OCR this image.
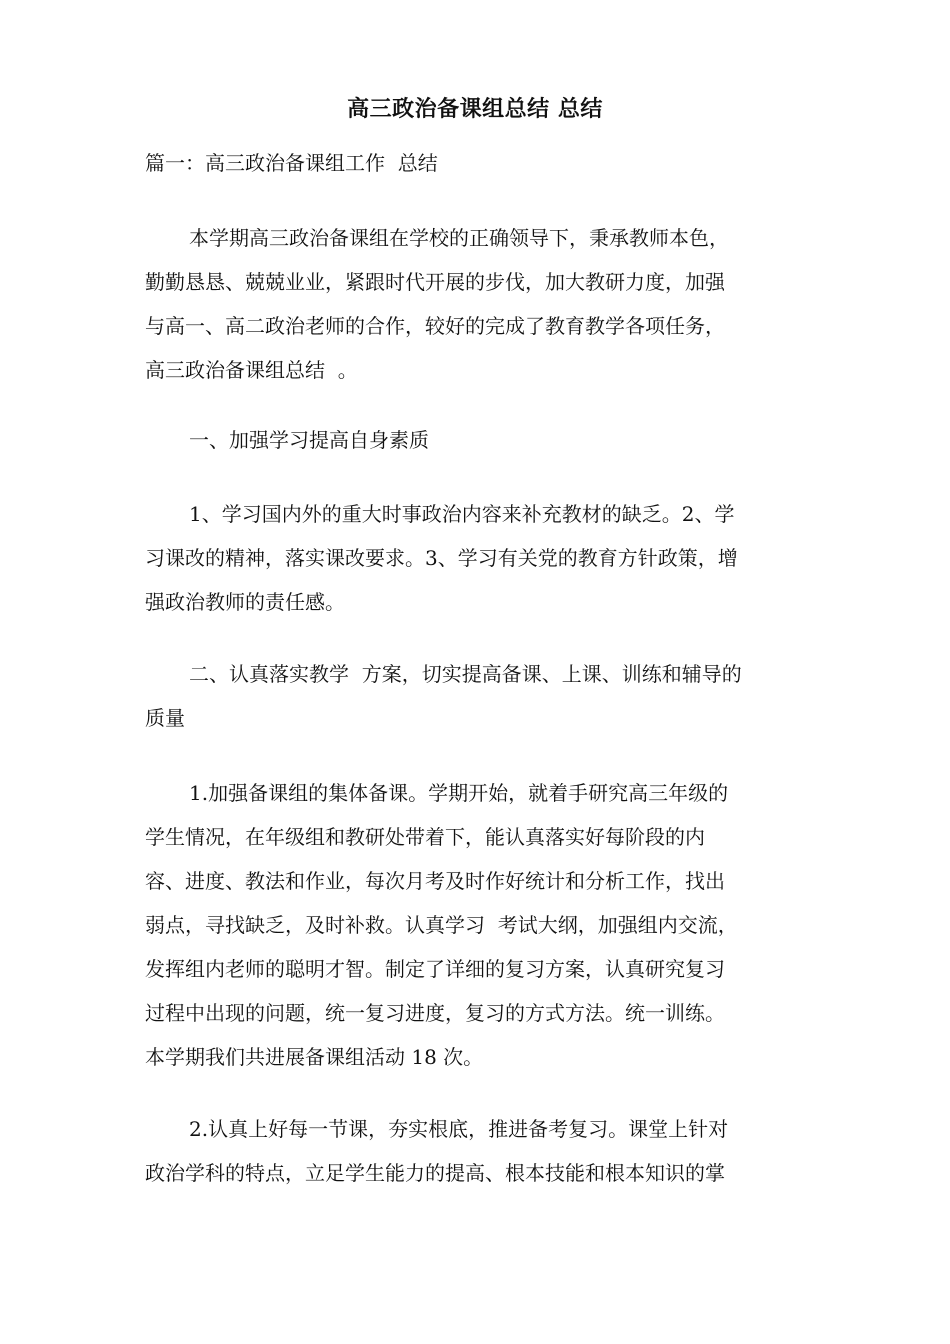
高三政治备课组总结 总结
篇一：高三政治备课组工作  总结
本学期高三政治备课组在学校的正确领导下，秉承教师本色，
勤勤恳恳、兢兢业业，紧跟时代开展的步伐，加大教研力度，加强
与高一、高二政治老师的合作，较好的完成了教育教学各项任务，
高三政治备课组总结  。
一、加强学习提高自身素质
1、学习国内外的重大时事政治内容来补充教材的缺乏。2、学
习课改的精神，落实课改要求。3、学习有关党的教育方针政策，增
强政治教师的责任感。
二、认真落实教学  方案，切实提高备课、上课、训练和辅导的
质量
1.加强备课组的集体备课。学期开始，就着手研究高三年级的
学生情况，在年级组和教研处带着下，能认真落实好每阶段的内
容、进度、教法和作业，每次月考及时作好统计和分析工作，找出
弱点，寻找缺乏，及时补救。认真学习  考试大纲，加强组内交流，
发挥组内老师的聪明才智。制定了详细的复习方案，认真研究复习
过程中出现的问题，统一复习进度，复习的方式方法。统一训练。
本学期我们共进展备课组活动 18 次。
2.认真上好每一节课，夯实根底，推进备考复习。课堂上针对
政治学科的特点，立足学生能力的提高、根本技能和根本知识的掌
